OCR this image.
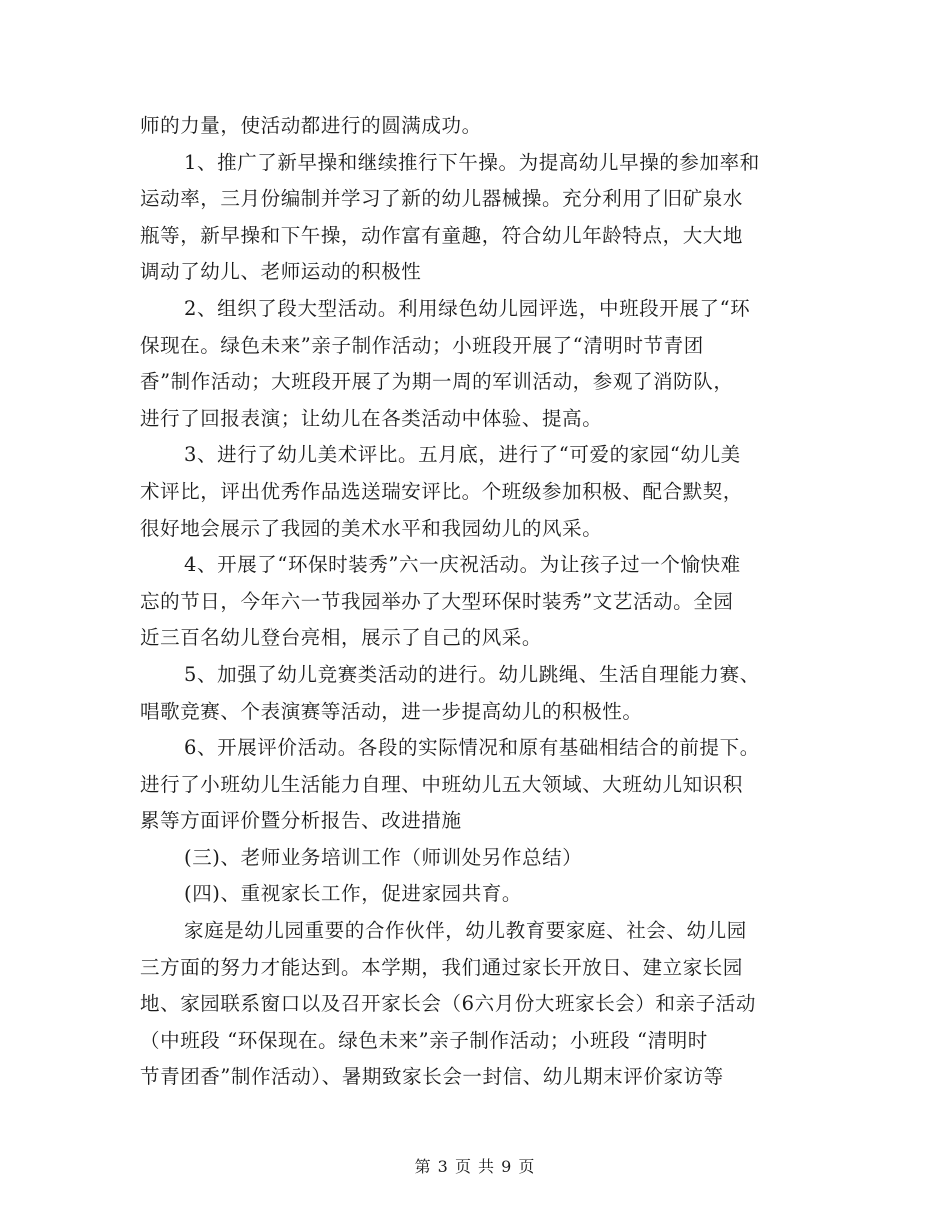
师的力量，使活动都进行的圆满成功。
1、推广了新早操和继续推行下午操。为提高幼儿早操的参加率和
运动率，三月份编制并学习了新的幼儿器械操。充分利用了旧矿泉水
瓶等，新早操和下午操，动作富有童趣，符合幼儿年龄特点，大大地
调动了幼儿、老师运动的积极性
2、组织了段大型活动。利用绿色幼儿园评选，中班段开展了“环
保现在。绿色未来”亲子制作活动；小班段开展了“清明时节青团
香”制作活动；大班段开展了为期一周的军训活动，参观了消防队，
进行了回报表演；让幼儿在各类活动中体验、提高。
3、进行了幼儿美术评比。五月底，进行了“可爱的家园“幼儿美
术评比，评出优秀作品选送瑞安评比。个班级参加积极、配合默契，
很好地会展示了我园的美术水平和我园幼儿的风采。
4、开展了“环保时装秀”六一庆祝活动。为让孩子过一个愉快难
忘的节日，今年六一节我园举办了大型环保时装秀”文艺活动。全园
近三百名幼儿登台亮相，展示了自己的风采。
5、加强了幼儿竞赛类活动的进行。幼儿跳绳、生活自理能力赛、
唱歌竞赛、个表演赛等活动，进一步提高幼儿的积极性。
6、开展评价活动。各段的实际情况和原有基础相结合的前提下。
进行了小班幼儿生活能力自理、中班幼儿五大领域、大班幼儿知识积
累等方面评价暨分析报告、改进措施
(三)、老师业务培训工作（师训处另作总结）
(四)、重视家长工作，促进家园共育。
家庭是幼儿园重要的合作伙伴，幼儿教育要家庭、社会、幼儿园
三方面的努力才能达到。本学期，我们通过家长开放日、建立家长园
地、家园联系窗口以及召开家长会（6六月份大班家长会）和亲子活动
（中班段 “环保现在。绿色未来”亲子制作活动；小班段 “清明时
节青团香”制作活动）、暑期致家长会一封信、幼儿期末评价家访等
第 3 页 共 9 页
